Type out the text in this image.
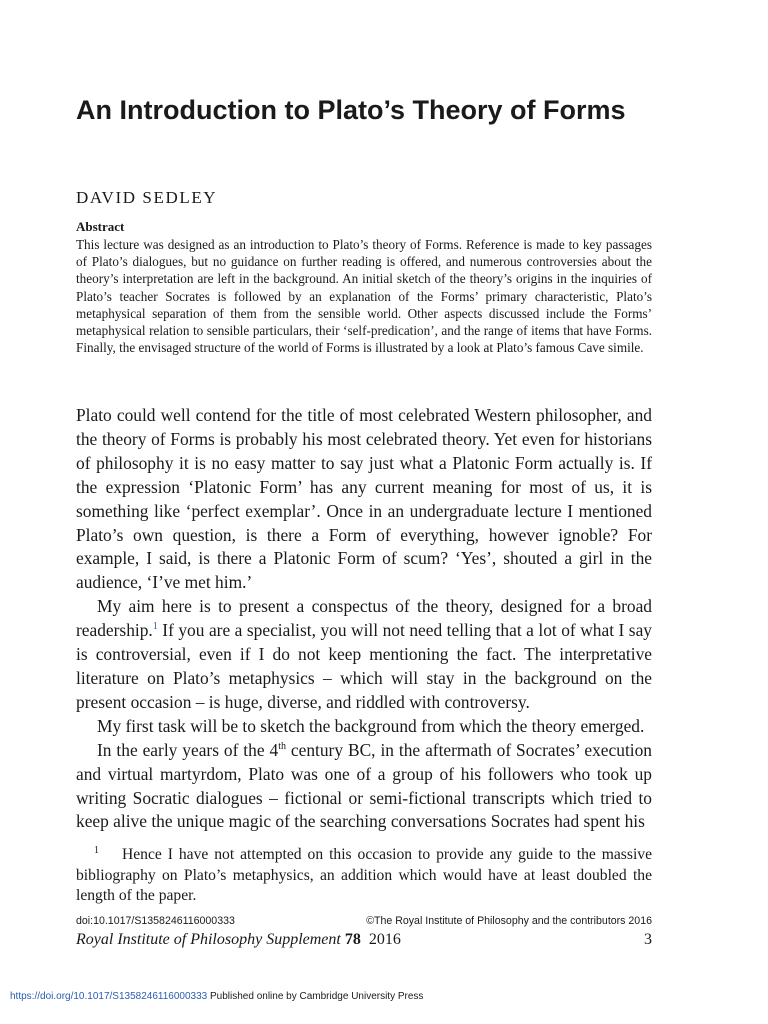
An Introduction to Plato’s Theory of Forms
DAVID SEDLEY
Abstract

This lecture was designed as an introduction to Plato’s theory of Forms. Reference is made to key passages of Plato’s dialogues, but no guidance on further reading is offered, and numerous controversies about the theory’s interpretation are left in the background. An initial sketch of the theory’s origins in the inquiries of Plato’s teacher Socrates is followed by an explanation of the Forms’ primary characteristic, Plato’s metaphysical separation of them from the sensible world. Other aspects discussed include the Forms’ metaphysical relation to sensible particulars, their ‘self-predication’, and the range of items that have Forms. Finally, the envisaged structure of the world of Forms is illustrated by a look at Plato’s famous Cave simile.

Plato could well contend for the title of most celebrated Western philosopher, and the theory of Forms is probably his most celebrated theory. Yet even for historians of philosophy it is no easy matter to say just what a Platonic Form actually is. If the expression ‘Platonic Form’ has any current meaning for most of us, it is something like ‘perfect exemplar’. Once in an undergraduate lecture I mentioned Plato’s own question, is there a Form of everything, however ignoble? For example, I said, is there a Platonic Form of scum? ‘Yes’, shouted a girl in the audience, ‘I’ve met him.’

My aim here is to present a conspectus of the theory, designed for a broad readership.$^1$ If you are a specialist, you will not need telling that a lot of what I say is controversial, even if I do not keep mentioning the fact. The interpretative literature on Plato’s metaphysics – which will stay in the background on the present occasion – is huge, diverse, and riddled with controversy.

My first task will be to sketch the background from which the theory emerged.

In the early years of the 4th century BC, in the aftermath of Socrates’ execution and virtual martyrdom, Plato was one of a group of his followers who took up writing Socratic dialogues – fictional or semi-fictional transcripts which tried to keep alive the unique magic of the searching conversations Socrates had spent his

1 Hence I have not attempted on this occasion to provide any guide to the massive bibliography on Plato’s metaphysics, an addition which would have at least doubled the length of the paper.

doi:10.1017/S1358246116000333	©The Royal Institute of Philosophy and the contributors 2016
Royal Institute of Philosophy Supplement 78 2016	3
https://doi.org/10.1017/S1358246116000333 Published online by Cambridge University Press
